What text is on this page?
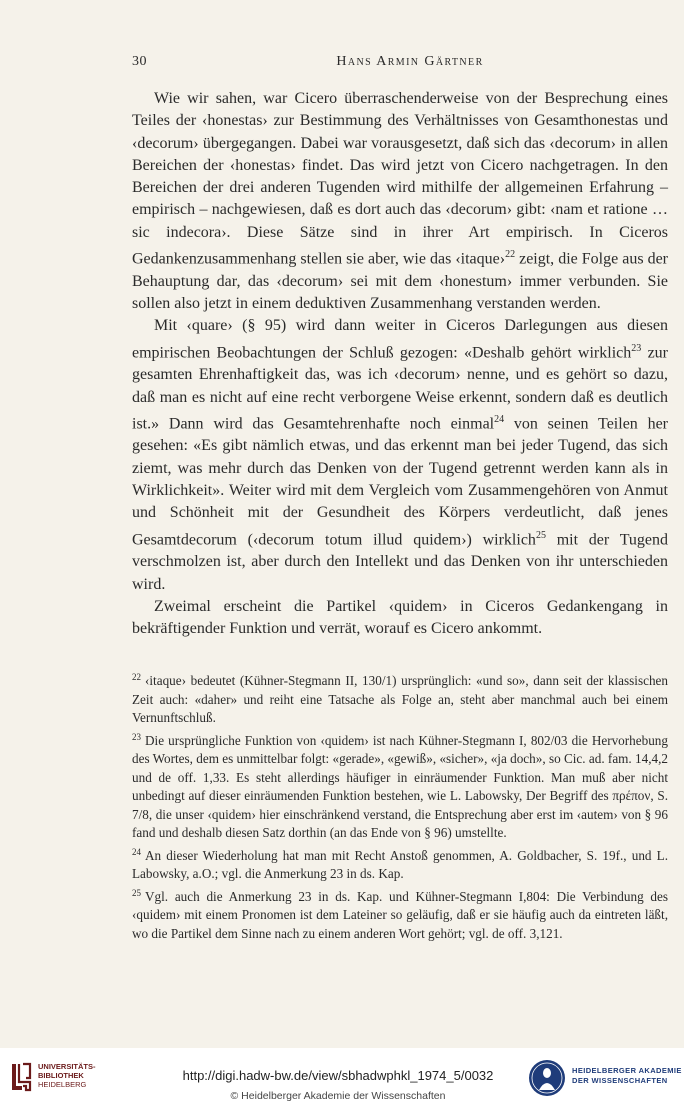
30	Hans Armin Gärtner

Wie wir sahen, war Cicero überraschenderweise von der Besprechung eines Teiles der ‹honestas› zur Bestimmung des Verhältnisses von Gesamthonestas und ‹decorum› übergegangen. Dabei war vorausgesetzt, daß sich das ‹decorum› in allen Bereichen der ‹honestas› findet. Das wird jetzt von Cicero nachgetragen. In den Bereichen der drei anderen Tugenden wird mithilfe der allgemeinen Erfahrung – empirisch – nachgewiesen, daß es dort auch das ‹decorum› gibt: ‹nam et ratione … sic indecora›. Diese Sätze sind in ihrer Art empirisch. In Ciceros Gedankenzusammenhang stellen sie aber, wie das ‹itaque›$^{22}$ zeigt, die Folge aus der Behauptung dar, das ‹decorum› sei mit dem ‹honestum› immer verbunden. Sie sollen also jetzt in einem deduktiven Zusammenhang verstanden werden.

Mit ‹quare› (§ 95) wird dann weiter in Ciceros Darlegungen aus diesen empirischen Beobachtungen der Schluß gezogen: «Deshalb gehört wirklich$^{23}$ zur gesamten Ehrenhaftigkeit das, was ich ‹decorum› nenne, und es gehört so dazu, daß man es nicht auf eine recht verborgene Weise erkennt, sondern daß es deutlich ist.» Dann wird das Gesamtehrenhafte noch einmal$^{24}$ von seinen Teilen her gesehen: «Es gibt nämlich etwas, und das erkennt man bei jeder Tugend, das sich ziemt, was mehr durch das Denken von der Tugend getrennt werden kann als in Wirklichkeit». Weiter wird mit dem Vergleich vom Zusammengehören von Anmut und Schönheit mit der Gesundheit des Körpers verdeutlicht, daß jenes Gesamtdecorum (‹decorum totum illud quidem›) wirklich$^{25}$ mit der Tugend verschmolzen ist, aber durch den Intellekt und das Denken von ihr unterschieden wird.

Zweimal erscheint die Partikel ‹quidem› in Ciceros Gedankengang in bekräftigender Funktion und verrät, worauf es Cicero ankommt.

$^{22}$ ‹itaque› bedeutet (Kühner-Stegmann II, 130/1) ursprünglich: «und so», dann seit der klassischen Zeit auch: «daher» und reiht eine Tatsache als Folge an, steht aber manchmal auch bei einem Vernunftschluß.
$^{23}$ Die ursprüngliche Funktion von ‹quidem› ist nach Kühner-Stegmann I, 802/03 die Hervorhebung des Wortes, dem es unmittelbar folgt: «gerade», «gewiß», «sicher», «ja doch», so Cic. ad. fam. 14,4,2 und de off. 1,33. Es steht allerdings häufiger in einräumender Funktion. Man muß aber nicht unbedingt auf dieser einräumenden Funktion bestehen, wie L. Labowsky, Der Begriff des πρέπον, S. 7/8, die unser ‹quidem› hier einschränkend verstand, die Entsprechung aber erst im ‹autem› von § 96 fand und deshalb diesen Satz dorthin (an das Ende von § 96) umstellte.
$^{24}$ An dieser Wiederholung hat man mit Recht Anstoß genommen, A. Goldbacher, S. 19f., und L. Labowsky, a.O.; vgl. die Anmerkung 23 in ds. Kap.
$^{25}$ Vgl. auch die Anmerkung 23 in ds. Kap. und Kühner-Stegmann I,804: Die Verbindung des ‹quidem› mit einem Pronomen ist dem Lateiner so geläufig, daß er sie häufig auch da eintreten läßt, wo die Partikel dem Sinne nach zu einem anderen Wort gehört; vgl. de off. 3,121.
UNIVERSITÄTS-
BIBLIOTHEK
HEIDELBERG
http://digi.hadw-bw.de/view/sbhadwphkl_1974_5/0032
© Heidelberger Akademie der Wissenschaften
HEIDELBERGER AKADEMIE
DER WISSENSCHAFTEN
